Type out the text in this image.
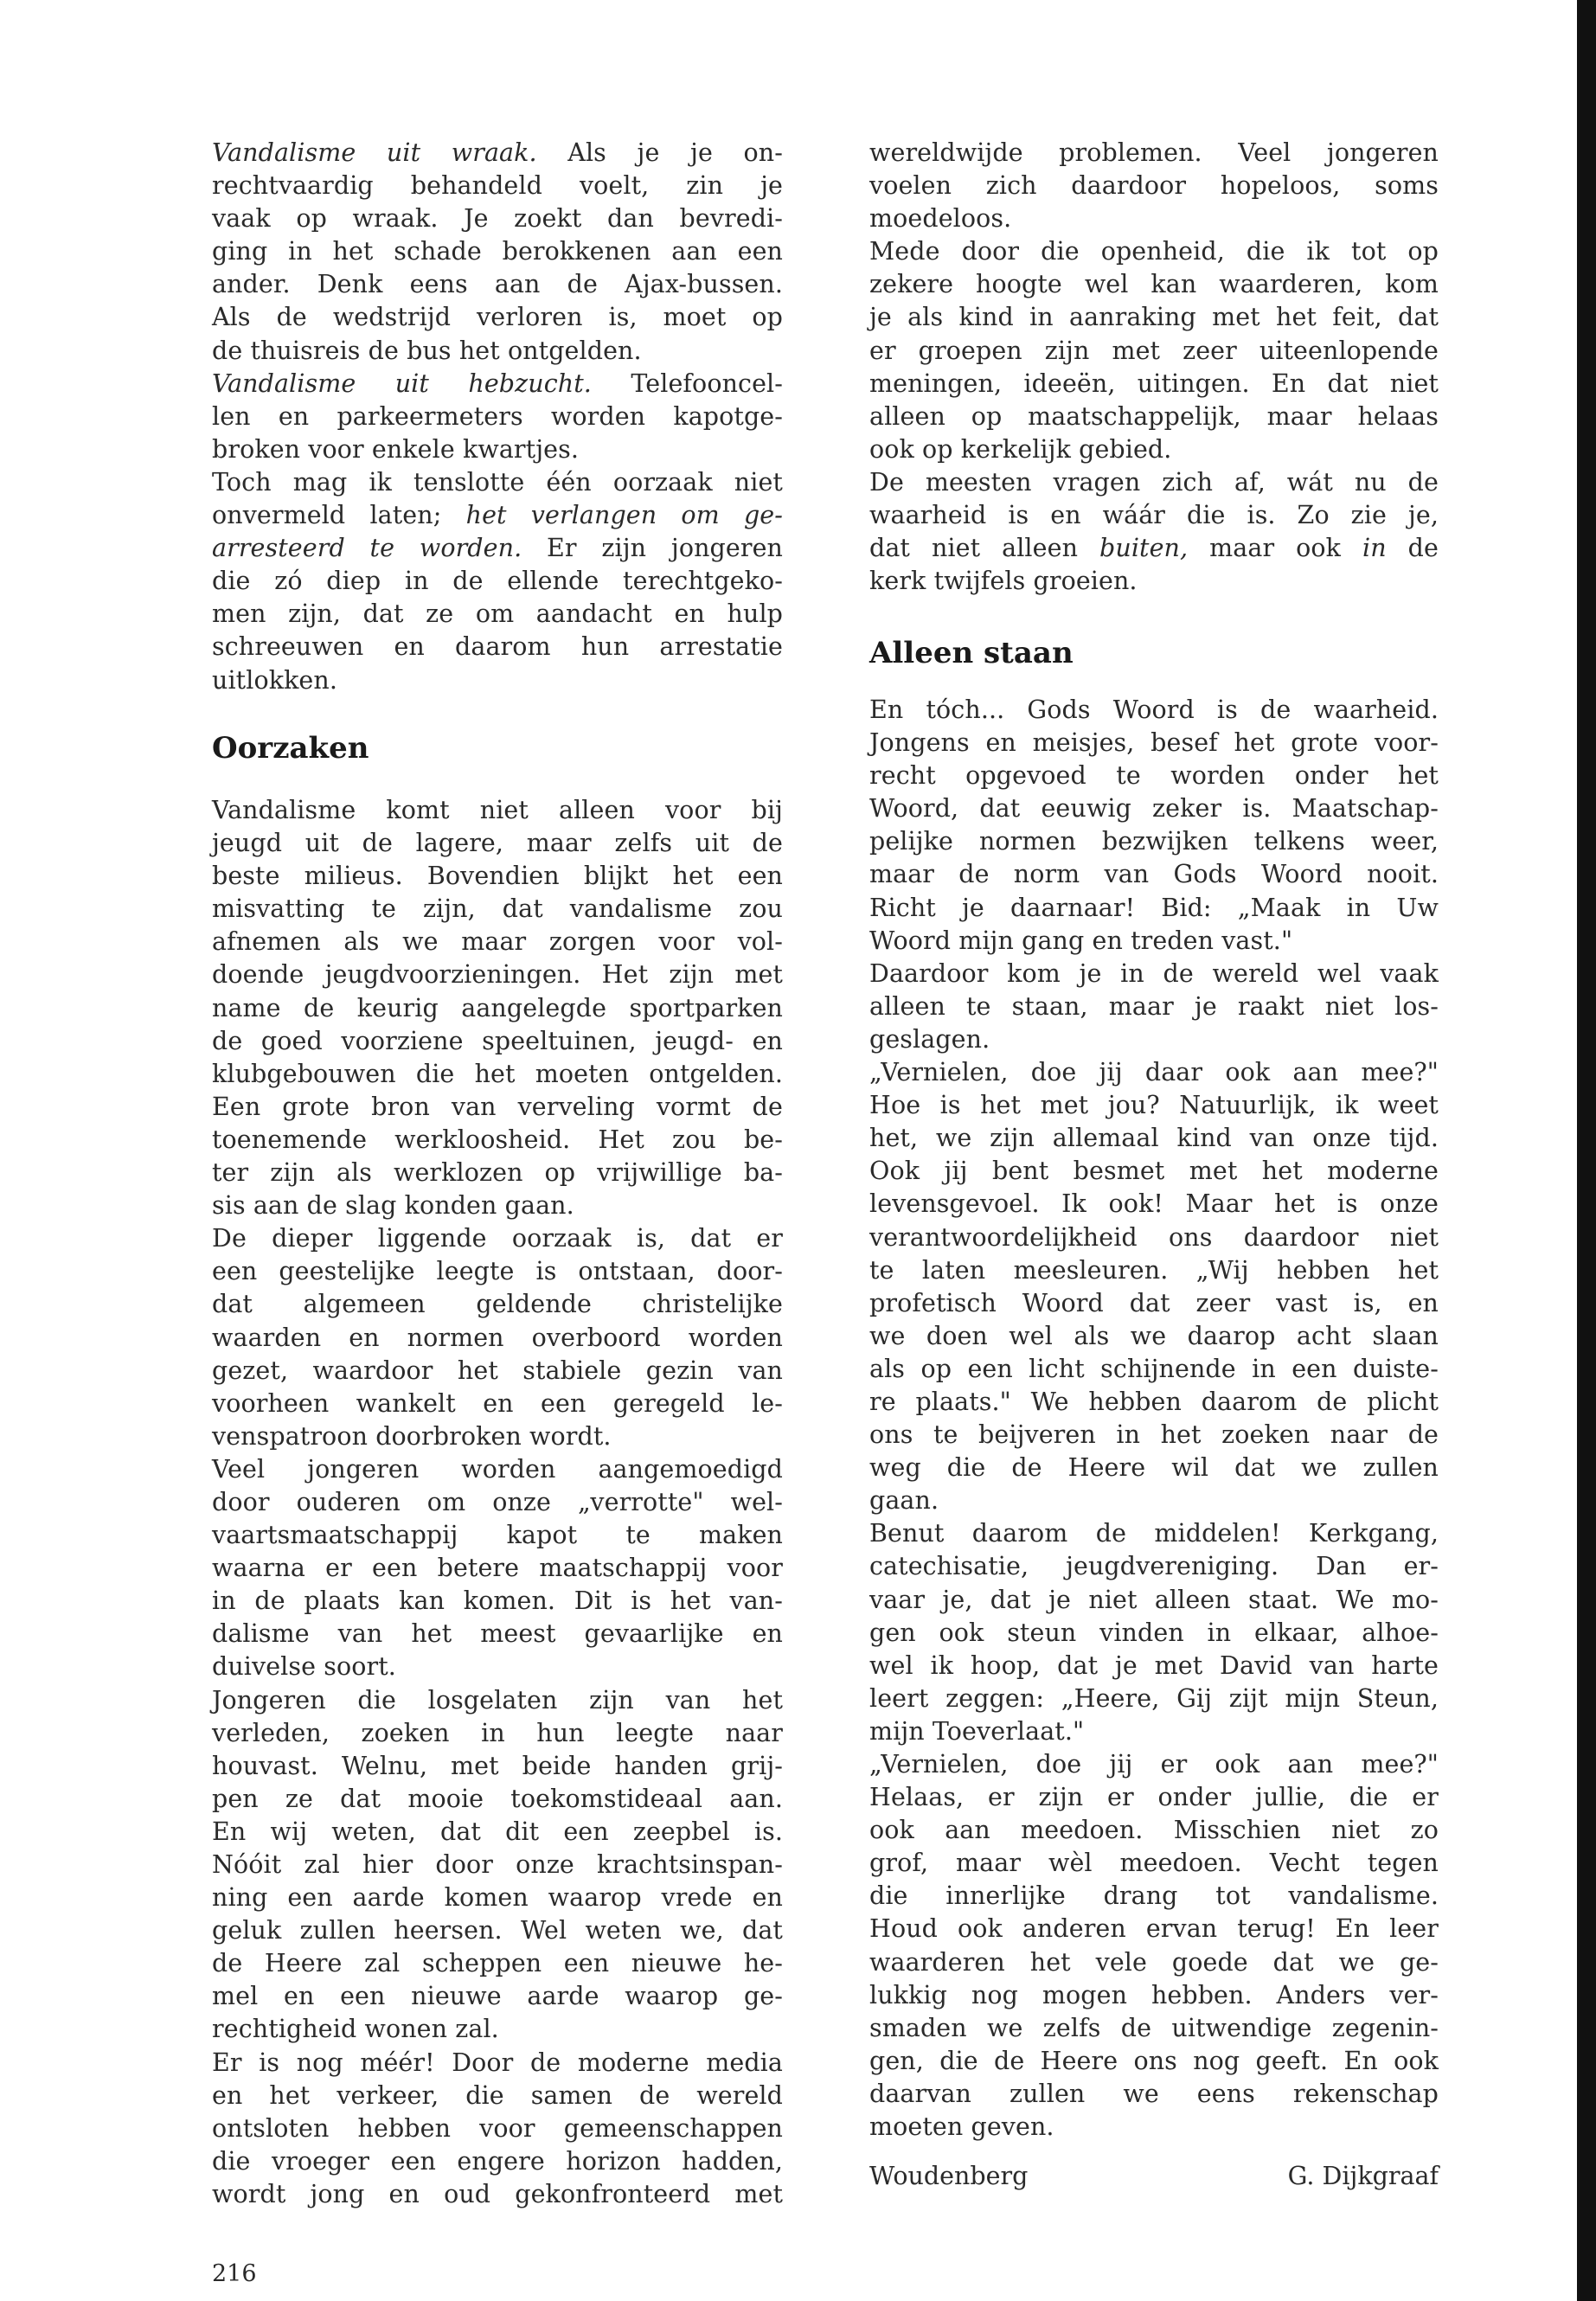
Vandalisme uit wraak. Als je je on-
rechtvaardig behandeld voelt, zin je
vaak op wraak. Je zoekt dan bevredi-
ging in het schade berokkenen aan een
ander. Denk eens aan de Ajax-bussen.
Als de wedstrijd verloren is, moet op
de thuisreis de bus het ontgelden.
Vandalisme uit hebzucht. Telefooncel-
len en parkeermeters worden kapotge-
broken voor enkele kwartjes.
Toch mag ik tenslotte één oorzaak niet
onvermeld laten; het verlangen om ge-
arresteerd te worden. Er zijn jongeren
die zó diep in de ellende terechtgeko-
men zijn, dat ze om aandacht en hulp
schreeuwen en daarom hun arrestatie
uitlokken.
Oorzaken
Vandalisme komt niet alleen voor bij
jeugd uit de lagere, maar zelfs uit de
beste milieus. Bovendien blijkt het een
misvatting te zijn, dat vandalisme zou
afnemen als we maar zorgen voor vol-
doende jeugdvoorzieningen. Het zijn met
name de keurig aangelegde sportparken
de goed voorziene speeltuinen, jeugd- en
klubgebouwen die het moeten ontgelden.
Een grote bron van verveling vormt de
toenemende werkloosheid. Het zou be-
ter zijn als werklozen op vrijwillige ba-
sis aan de slag konden gaan.
De dieper liggende oorzaak is, dat er
een geestelijke leegte is ontstaan, door-
dat algemeen geldende christelijke
waarden en normen overboord worden
gezet, waardoor het stabiele gezin van
voorheen wankelt en een geregeld le-
venspatroon doorbroken wordt.
Veel jongeren worden aangemoedigd
door ouderen om onze „verrotte" wel-
vaartsmaatschappij kapot te maken
waarna er een betere maatschappij voor
in de plaats kan komen. Dit is het van-
dalisme van het meest gevaarlijke en
duivelse soort.
Jongeren die losgelaten zijn van het
verleden, zoeken in hun leegte naar
houvast. Welnu, met beide handen grij-
pen ze dat mooie toekomstideaal aan.
En wij weten, dat dit een zeepbel is.
Nóóit zal hier door onze krachtsinspan-
ning een aarde komen waarop vrede en
geluk zullen heersen. Wel weten we, dat
de Heere zal scheppen een nieuwe he-
mel en een nieuwe aarde waarop ge-
rechtigheid wonen zal.
Er is nog méér! Door de moderne media
en het verkeer, die samen de wereld
ontsloten hebben voor gemeenschappen
die vroeger een engere horizon hadden,
wordt jong en oud gekonfronteerd met
wereldwijde problemen. Veel jongeren
voelen zich daardoor hopeloos, soms
moedeloos.
Mede door die openheid, die ik tot op
zekere hoogte wel kan waarderen, kom
je als kind in aanraking met het feit, dat
er groepen zijn met zeer uiteenlopende
meningen, ideeën, uitingen. En dat niet
alleen op maatschappelijk, maar helaas
ook op kerkelijk gebied.
De meesten vragen zich af, wát nu de
waarheid is en wáár die is. Zo zie je,
dat niet alleen buiten, maar ook in de
kerk twijfels groeien.
Alleen staan
En tóch... Gods Woord is de waarheid.
Jongens en meisjes, besef het grote voor-
recht opgevoed te worden onder het
Woord, dat eeuwig zeker is. Maatschap-
pelijke normen bezwijken telkens weer,
maar de norm van Gods Woord nooit.
Richt je daarnaar! Bid: „Maak in Uw
Woord mijn gang en treden vast."
Daardoor kom je in de wereld wel vaak
alleen te staan, maar je raakt niet los-
geslagen.
„Vernielen, doe jij daar ook aan mee?"
Hoe is het met jou? Natuurlijk, ik weet
het, we zijn allemaal kind van onze tijd.
Ook jij bent besmet met het moderne
levensgevoel. Ik ook! Maar het is onze
verantwoordelijkheid ons daardoor niet
te laten meesleuren. „Wij hebben het
profetisch Woord dat zeer vast is, en
we doen wel als we daarop acht slaan
als op een licht schijnende in een duiste-
re plaats." We hebben daarom de plicht
ons te beijveren in het zoeken naar de
weg die de Heere wil dat we zullen
gaan.
Benut daarom de middelen! Kerkgang,
catechisatie, jeugdvereniging. Dan er-
vaar je, dat je niet alleen staat. We mo-
gen ook steun vinden in elkaar, alhoe-
wel ik hoop, dat je met David van harte
leert zeggen: „Heere, Gij zijt mijn Steun,
mijn Toeverlaat."
„Vernielen, doe jij er ook aan mee?"
Helaas, er zijn er onder jullie, die er
ook aan meedoen. Misschien niet zo
grof, maar wèl meedoen. Vecht tegen
die innerlijke drang tot vandalisme.
Houd ook anderen ervan terug! En leer
waarderen het vele goede dat we ge-
lukkig nog mogen hebben. Anders ver-
smaden we zelfs de uitwendige zegenin-
gen, die de Heere ons nog geeft. En ook
daarvan zullen we eens rekenschap
moeten geven.
Woudenberg	G. Dijkgraaf
216
